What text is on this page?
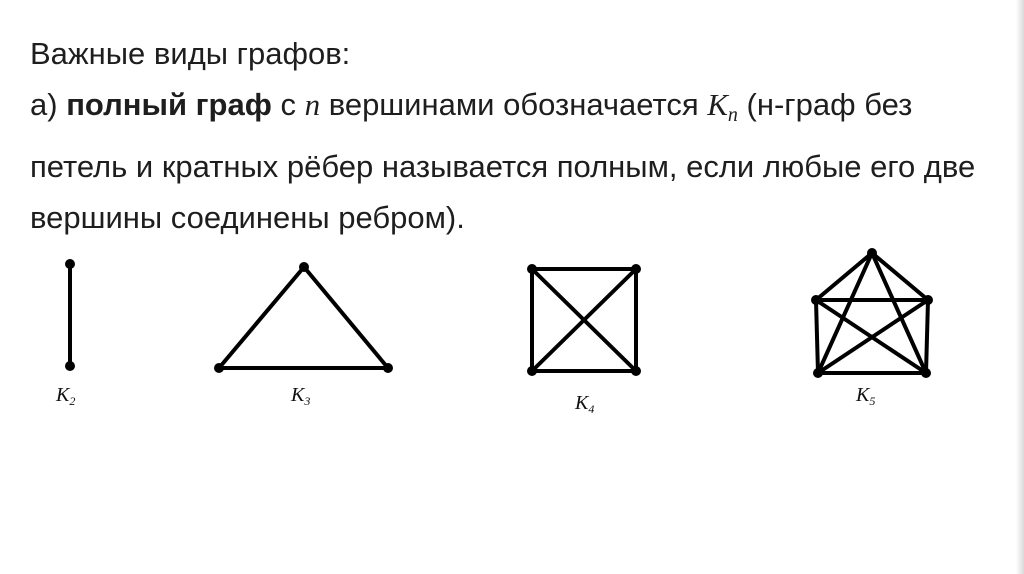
Важные виды графов:

а) полный граф с n вершинами обозначается $K_n$ (н-граф без петель и кратных рёбер называется полным, если любые его две вершины соединены ребром).

$K_2$	$K_3$	$K_4$
$K_5$
